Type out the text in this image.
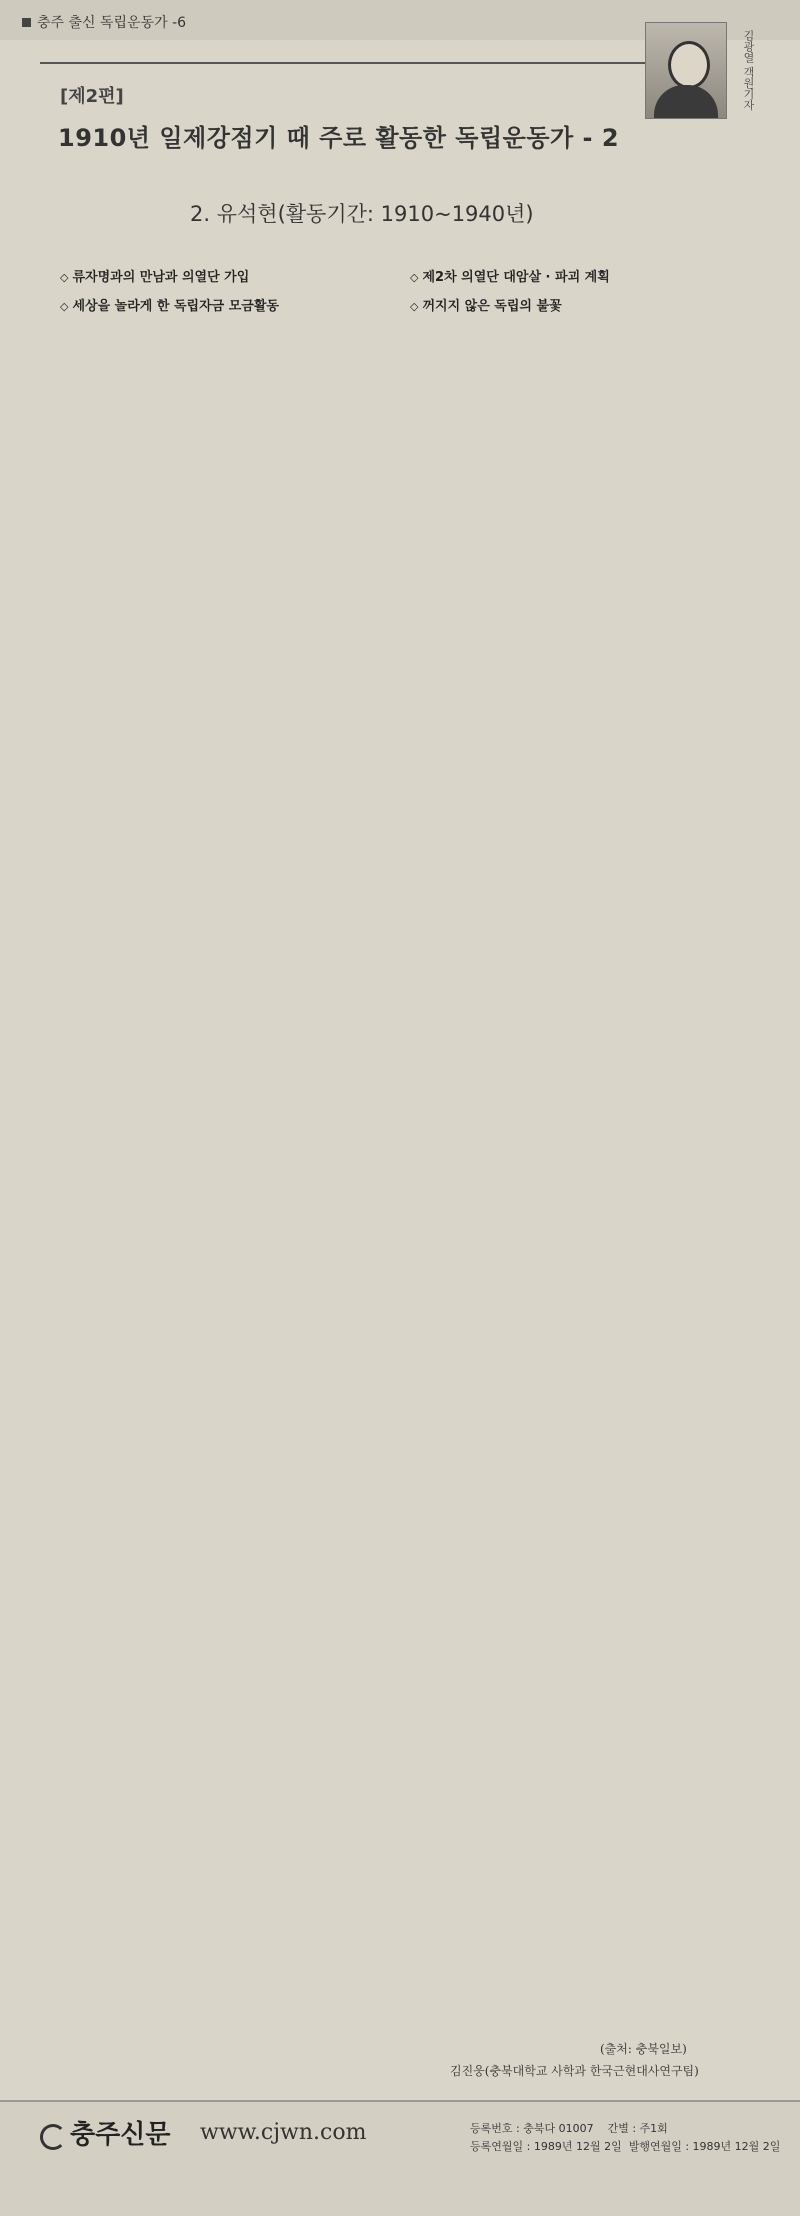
충주 출신 독립운동가 -6
[제2편]
1910년 일제강점기 때 주로 활동한 독립운동가 - 2
김광열 객원기자
2. 유석현(활동기간: 1910~1940년)

◇ 류자명과의 만남과 의열단 가입

◇ 세상을 놀라게 한 독립자금 모금활동

◇ 제2차 의열단 대암살 · 파괴 계획

◇ 꺼지지 않은 독립의 불꽃

(출처: 충북일보)
김진웅(충북대학교 사학과 한국근현대사연구팀)
충주신문 www.cjwn.com	등록번호 : 충북다 01007 간별 : 주1회
등록연월일 : 1989년 12월 2일 발행연월일 : 1989년 12월 2일
